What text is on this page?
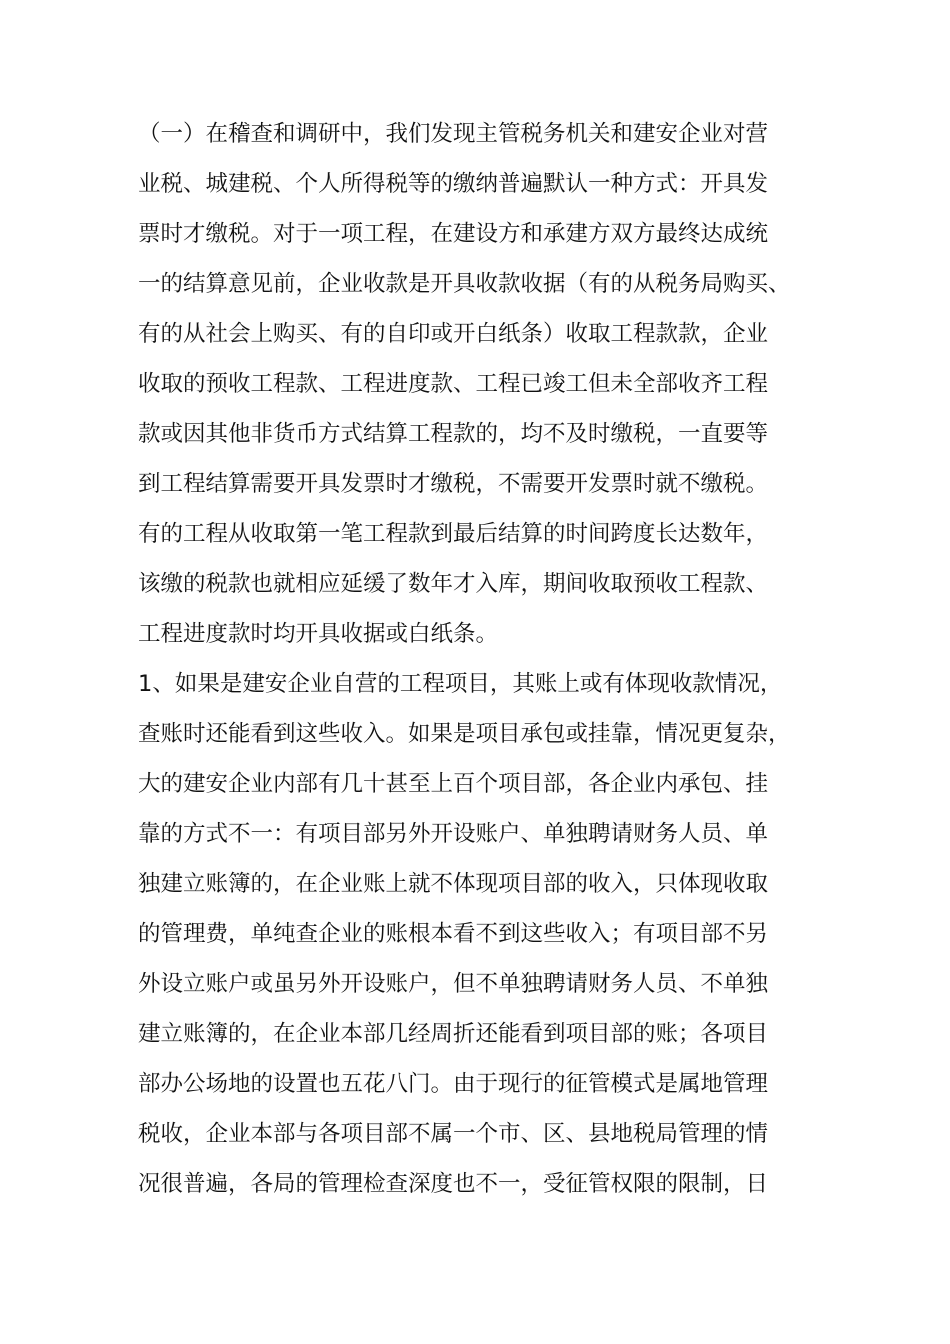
（一）在稽查和调研中，我们发现主管税务机关和建安企业对营
业税、城建税、个人所得税等的缴纳普遍默认一种方式：开具发
票时才缴税。对于一项工程，在建设方和承建方双方最终达成统
一的结算意见前，企业收款是开具收款收据（有的从税务局购买、
有的从社会上购买、有的自印或开白纸条）收取工程款款，企业
收取的预收工程款、工程进度款、工程已竣工但未全部收齐工程
款或因其他非货币方式结算工程款的，均不及时缴税，一直要等
到工程结算需要开具发票时才缴税，不需要开发票时就不缴税。
有的工程从收取第一笔工程款到最后结算的时间跨度长达数年，
该缴的税款也就相应延缓了数年才入库，期间收取预收工程款、
工程进度款时均开具收据或白纸条。
1、如果是建安企业自营的工程项目，其账上或有体现收款情况，
查账时还能看到这些收入。如果是项目承包或挂靠，情况更复杂，
大的建安企业内部有几十甚至上百个项目部，各企业内承包、挂
靠的方式不一：有项目部另外开设账户、单独聘请财务人员、单
独建立账簿的，在企业账上就不体现项目部的收入，只体现收取
的管理费，单纯查企业的账根本看不到这些收入；有项目部不另
外设立账户或虽另外开设账户，但不单独聘请财务人员、不单独
建立账簿的，在企业本部几经周折还能看到项目部的账；各项目
部办公场地的设置也五花八门。由于现行的征管模式是属地管理
税收，企业本部与各项目部不属一个市、区、县地税局管理的情
况很普遍，各局的管理检查深度也不一，受征管权限的限制，日
